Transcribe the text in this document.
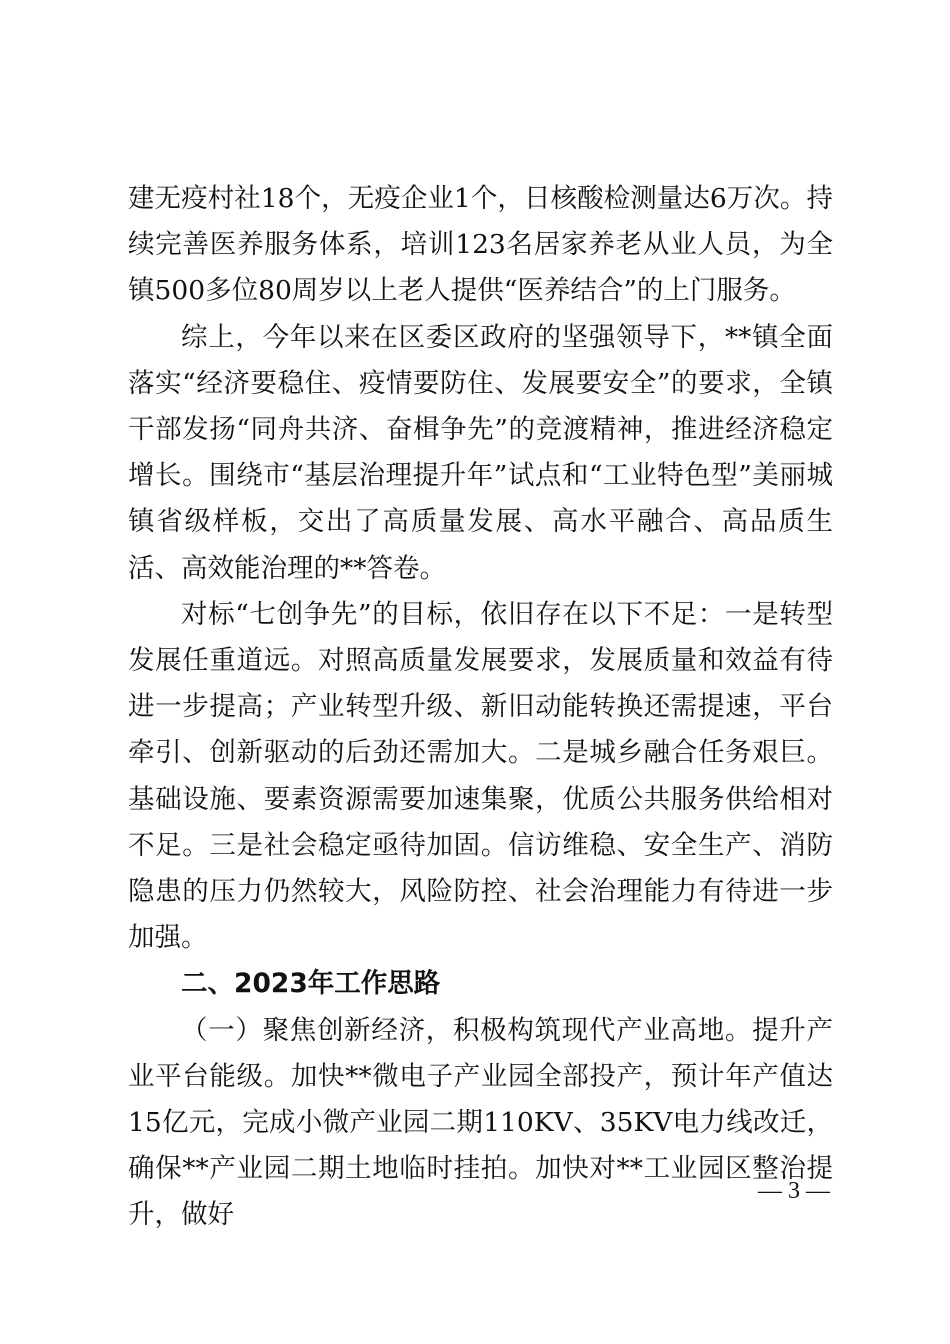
建无疫村社18个，无疫企业1个，日核酸检测量达6万次。持续完善医养服务体系，培训123名居家养老从业人员，为全镇500多位80周岁以上老人提供“医养结合”的上门服务。

综上，今年以来在区委区政府的坚强领导下，**镇全面落实“经济要稳住、疫情要防住、发展要安全”的要求，全镇干部发扬“同舟共济、奋楫争先”的竞渡精神，推进经济稳定增长。围绕市“基层治理提升年”试点和“工业特色型”美丽城镇省级样板，交出了高质量发展、高水平融合、高品质生活、高效能治理的**答卷。

对标“七创争先”的目标，依旧存在以下不足：一是转型发展任重道远。对照高质量发展要求，发展质量和效益有待进一步提高；产业转型升级、新旧动能转换还需提速，平台牵引、创新驱动的后劲还需加大。二是城乡融合任务艰巨。基础设施、要素资源需要加速集聚，优质公共服务供给相对不足。三是社会稳定亟待加固。信访维稳、安全生产、消防隐患的压力仍然较大，风险防控、社会治理能力有待进一步加强。

二、2023年工作思路

（一）聚焦创新经济，积极构筑现代产业高地。提升产业平台能级。加快**微电子产业园全部投产，预计年产值达15亿元，完成小微产业园二期110KV、35KV电力线改迁，确保**产业园二期土地临时挂拍。加快对**工业园区整治提升，做好

— 3 —
